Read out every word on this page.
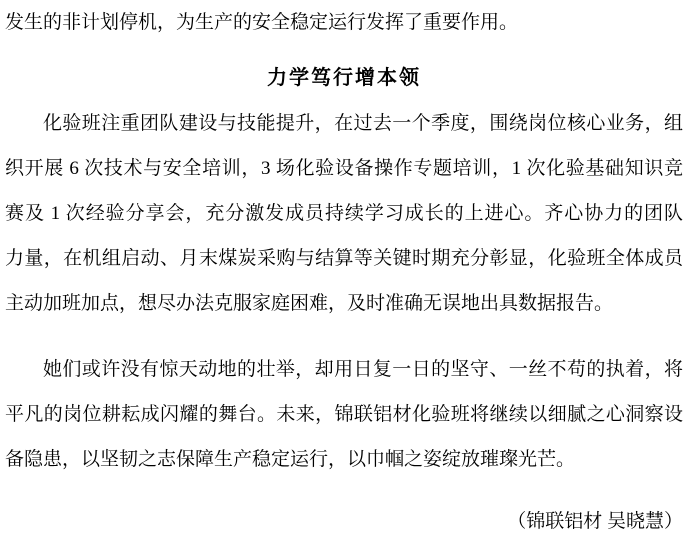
发生的非计划停机，为生产的安全稳定运行发挥了重要作用。
力学笃行增本领
化验班注重团队建设与技能提升，在过去一个季度，围绕岗位核心业务，组
织开展 6 次技术与安全培训，3 场化验设备操作专题培训，1 次化验基础知识竞
赛及 1 次经验分享会，充分激发成员持续学习成长的上进心。齐心协力的团队
力量，在机组启动、月末煤炭采购与结算等关键时期充分彰显，化验班全体成员
主动加班加点，想尽办法克服家庭困难，及时准确无误地出具数据报告。
她们或许没有惊天动地的壮举，却用日复一日的坚守、一丝不苟的执着，将
平凡的岗位耕耘成闪耀的舞台。未来，锦联铝材化验班将继续以细腻之心洞察设
备隐患，以坚韧之志保障生产稳定运行，以巾帼之姿绽放璀璨光芒。
（锦联铝材 吴晓慧）
